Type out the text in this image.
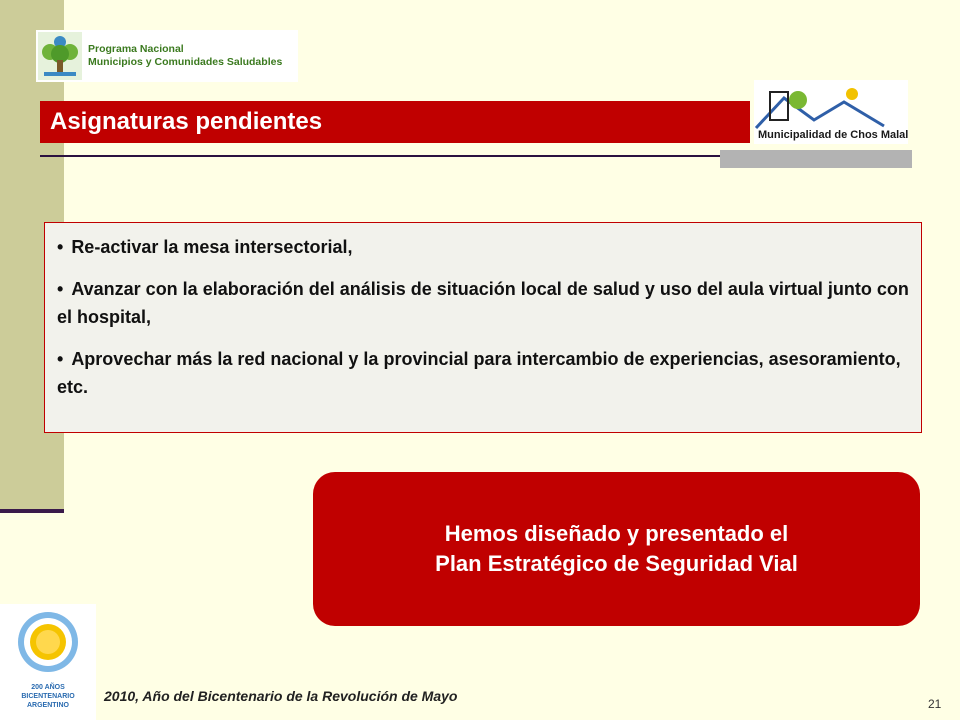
Programa Nacional
Municipios y Comunidades Saludables
Asignaturas pendientes	Municipalidad de Chos Malal
• Re-activar la mesa intersectorial,
• Avanzar con la elaboración del análisis de situación local de salud y uso del aula virtual junto con el hospital,
• Aprovechar más la red nacional y la provincial para intercambio de experiencias, asesoramiento, etc.
Hemos diseñado y presentado el
Plan Estratégico de Seguridad Vial
200 AÑOS
BICENTENARIO
ARGENTINO
2010, Año del Bicentenario de la Revolución de Mayo	21
